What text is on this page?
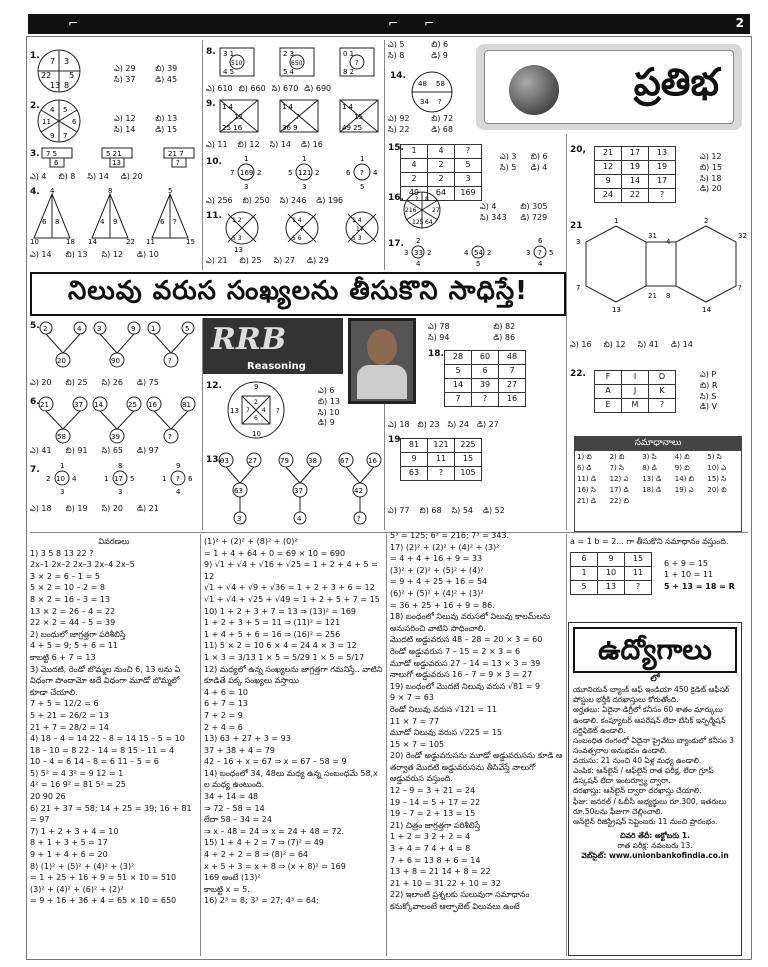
⌐	⌐ ⌐	2
1.
7 3
22 5
13 8
ఎ) 29 బి) 39సి) 37 డి) 45
2. 4 5
11	6
9 7
ఎ) 12 బి) 13సి) 14 డి) 15
3. 7 5
6
5 21
13
21 7
?
ఎ) 4 బి) 8 సి) 14 డి) 20
4. 4
6 8
10	18
8
4 9
14	22
5
6 ?
11	15
ఎ) 14 బి) 13 సి) 12 డి) 10
8. 3 1
510
4 5
2 3
650
5 4
0 1
?
8 2
ఎ) 610 బి) 660 సి) 670 డి) 690
9. 1 4
12
25 16
1 4
?
36 9
1 4
15
49 25
ఎ) 11 బి) 12 సి) 14 డి) 16
10.
169
1
7	2
3
121
1
5	2
3
?
1
6	4
5
ఎ) 256 బి) 250 సి) 246 డి) 196
11. 1 2
5 3
13
1 4
?
5 6
1 4
17
5 3
ఎ) 21 బి) 25 సి) 27 డి) 29
ఎ) 5	బి) 6సి) 8	డి) 9
14.
48 58
34 ?
ఎ) 92	బి) 72సి) 22	డి) 68
ప్రతిభ
15. 1	4	?
4	2	5
2	2	3
49	64	169
ఎ) 3 బి) 6సి) 5 డి) 4
16. ? 8
216	27
125 64
ఎ) 4	బి) 305సి) 343 డి) 729
17.
33
2
3	2
4
54
4	2
5
?
6
3	5
4
20, 21	17	13
12	19	19
9	14	17
24	22	?
ఎ) 12
బి) 15
సి) 18
డి) 20
21	1
3
31
7
21
13
2
4
32
?
8
14
ఎ) 16 బి) 12 సి) 41 డి) 14
22. F	I	O
A	J	K
E	M	?
ఎ) P
బి) R
సి) S
డి) V
నిలువు వరుస సంఖ్యలను తీసుకొని సాధిస్తే!
5. 2	4
20
3	9
90
1	5
?
ఎ) 20 బి) 25 సి) 26 డి) 75
6. 21	37
58
14	25
39
16	81
?
ఎ) 41 బి) 91 సి) 65 డి) 97
7.
10
1
2	4
3
17
8
1	5
3
?
9
1	6
4
ఎ) 18 బి) 19 సి) 20 డి) 21
RRB
Reasoning
12.	9
13	?
10
2
7 4
6
ఎ) 6
బి) 13
సి) 10
డి) 9
13.
93	27
63
3
79	38
37
4
67	16
42
?
ఎ) 78	బి) 82సి) 94	డి) 86
18. 28	60	48
5	6	7
14	39	27
7	?	16
ఎ) 18 బి) 23 సి) 24 డి) 27
19 81	121	225
9	11	15
63	?	105
ఎ) 77 బి) 68 సి) 54 డి) 52
సమాధానాలు
1) బి	2) బి	3) సి	4) బి	5) సి
6) డి	7) సి	8) డి	9) బి	10) ఎ
11) డి	12) ఎ	13) డి	14) బి	15) సి
16) సి	17) డి	18) డి	19) ఎ	20) బి
21) డి	22) బి
వివరణలు
1) 3 5 8 13 22 ?
2x–1 2x–2 2x–3 2x–4 2x–5
3 × 2 = 6 – 1 = 5
5 × 2 = 10 – 2 = 8
8 × 2 = 16 – 3 = 13
13 × 2 = 26 – 4 = 22
22 × 2 = 44 – 5 = 39
2) బంధులో జాగ్రత్తగా పరిశీలిస్తే
4 + 5 = 9; 5 + 6 = 11
కాబట్టి 6 + 7 = 13
3) మొదటి, రెండో బొమ్మల నుంచి 6, 13 లను ఏ విధంగా పొందామో అదే విధంగా మూడో బొమ్మలో కూడా చేయాలి.
7 + 5 = 12/2 = 6
5 + 21 = 26/2 = 13
21 + 7 = 28/2 = 14
4) 18 – 4 = 14 22 – 8 = 14 15 – 5 = 10
18 – 10 = 8 22 – 14 = 8 15 – 11 = 4
10 – 4 = 6 14 – 8 = 6 11 – 5 = 6
5) 5² = 4 3² = 9 12 = 1
4² = 16 9² = 81 5² = 25
20 90 26
6) 21 + 37 = 58; 14 + 25 = 39; 16 + 81 = 97
7) 1 + 2 + 3 + 4 = 10
8 + 1 + 3 + 5 = 17
9 + 1 + 4 + 6 = 20
8) (1)² + (5)² + (4)² + (3)²
= 1 + 25 + 16 + 9 = 51 × 10 = 510
(3)² + (4)² + (6)² + (2)²
= 9 + 16 + 36 + 4 = 65 × 10 = 650
(1)² + (2)² + (8)² + (0)²
= 1 + 4 + 64 + 0 = 69 × 10 = 690
9) √1 + √4 + √16 + √25 = 1 + 2 + 4 + 5 = 12
√1 + √4 + √9 + √36 = 1 + 2 + 3 + 6 = 12
√1 + √4 + √25 + √49 = 1 + 2 + 5 + 7 = 15
10) 1 + 2 + 3 + 7 = 13 ⇒ (13)² = 169
1 + 2 + 3 + 5 = 11 ⇒ (11)² = 121
1 + 4 + 5 + 6 = 16 ⇒ (16)² = 256
11) 5 × 2 = 10 6 × 4 = 24 4 × 3 = 12
1 × 3 = 3/13 1 × 5 = 5/29 1 × 5 = 5/17
12) మధ్యలో ఉన్న సంఖ్యలను జాగ్రత్తగా గమనిస్తే.. వాటిని కూడితే పక్క సంఖ్యలు వస్తాయి
4 + 6 = 10
6 + 7 = 13
7 + 2 = 9
2 + 4 = 6
13) 63 + 27 + 3 = 93
37 + 38 + 4 = 79
42 – 16 + x = 67 ⇒ x = 67 – 58 = 9
14) బంధంలో 34, 48లు మధ్య ఉన్న సంబంధమే 58,x ల మధ్య ఉంటుంది.
34 + 14 = 48
⇒ 72 – 58 = 14
లేదా 58 – 34 = 24
⇒ x – 48 = 24 ⇒ x = 24 + 48 = 72.
15) 1 + 4 + 2 = 7 ⇒ (7)² = 49
4 + 2 + 2 = 8 ⇒ (8)² = 64
x + 5 + 3 = x + 8 ⇒ (x + 8)² = 169
169 అంటే (13)²
కాబట్టి x = 5.
16) 2³ = 8; 3³ = 27; 4³ = 64;
5³ = 125; 6³ = 216; 7³ = 343.
17) (2)² + (2)² + (4)² + (3)²
= 4 + 4 + 16 + 9 = 33
(3)² + (2)² + (5)² + (4)²
= 9 + 4 + 25 + 16 = 54
(6)² + (5)² + (4)² + (3)²
= 36 + 25 + 16 + 9 = 86.
18) బంధంలో నిలువు వరుసలో నిలువు కాలమ్‌లను అనుసరించి వాటిని సాధించాలి.
మొదటి అడ్డువరుస 48 – 28 = 20 × 3 = 60
రెండో అడ్డువరుస 7 – 15 = 2 × 3 = 6
మూడో అడ్డువరుస 27 – 14 = 13 × 3 = 39
నాలుగో అడ్డువరుస 16 – 7 = 9 × 3 = 27
19) బంధంలో మొదటి నిలువు వరుస √81 = 9
9 × 7 = 63
రెండో నిలువు వరుస √121 = 11
11 × 7 = 77
మూడో నిలువు వరుస √225 = 15
15 × 7 = 105
20) రెండో అడ్డువరుసను మూడో అడ్డువరుసను కూడి ఆ తర్వాత మొదటి అడ్డువరుసను తీసివేస్తే నాలుగో అడ్డువరుస వస్తుంది.
12 – 9 = 3 + 21 = 24
19 – 14 = 5 + 17 = 22
19 – 7 = 2 + 13 = 15
21) చిత్రం జాగ్రత్తగా పరిశీలిస్తే
1 + 2 = 3 2 + 2 = 4
3 + 4 = 7 4 + 4 = 8
7 + 6 = 13 8 + 6 = 14
13 + 8 = 21 14 + 8 = 22
21 + 10 = 31 22 + 10 = 32
22) ఇలాంటి ప్రశ్నలకు సులువుగా సమాధానం కనుక్కోవాలంటే ఆల్ఫాబెట్ విలువలు ఉంటే
a = 1 b = 2... గా తీసుకొని సమాధానం వస్తుంది.
6	9	15
1	10	11
5	13	?
6 + 9 = 15
1 + 10 = 11
5 + 13 = 18 = R
ఉద్యోగాలు
లో
యూనియన్ బ్యాంక్ ఆఫ్ ఇండియా 450 క్రెడిట్ ఆఫీసర్ పోస్టుల భర్తీకి దరఖాస్తులు కోరుతోంది.
అర్హతలు: ఏదైనా డిగ్రీలో కనీసం 60 శాతం మార్కులు ఉండాలి. కంప్యూటర్ ఆపరేషన్ లేదా బేసిక్ ఇన్ఫర్మేషన్ సర్టిఫికెట్ ఉండాలి.
సంబంధిత రంగంలో ఏదైనా ప్రైవేటు బ్యాంకులో కనీసం 3 సంవత్సరాల అనుభవం ఉండాలి.
వయసు: 21 నుంచి 40 ఏళ్ల మధ్య ఉండాలి.
ఎంపిక: ఆన్‌లైన్ / ఆఫ్‌లైన్ రాత పరీక్ష, లేదా గ్రూప్ డిస్కషన్ లేదా ఇంటర్వ్యూ ద్వారా.
దరఖాస్తు: ఆన్‌లైన్ ద్వారా దరఖాస్తు చేయాలి.
ఫీజు: జనరల్ / ఓబీసీ అభ్యర్థులు రూ.300, ఇతరులు రూ.50లను ఫీజుగా చెల్లించాలి.
ఆన్‌లైన్ రిజిస్ట్రేషన్ సెప్టెంబరు 11 నుంచి ప్రారంభం.
చివరి తేదీ: అక్టోబరు 1.
రాత పరీక్ష: నవంబరు 13.
వెబ్‌సైట్: www.unionbankofindia.co.in
